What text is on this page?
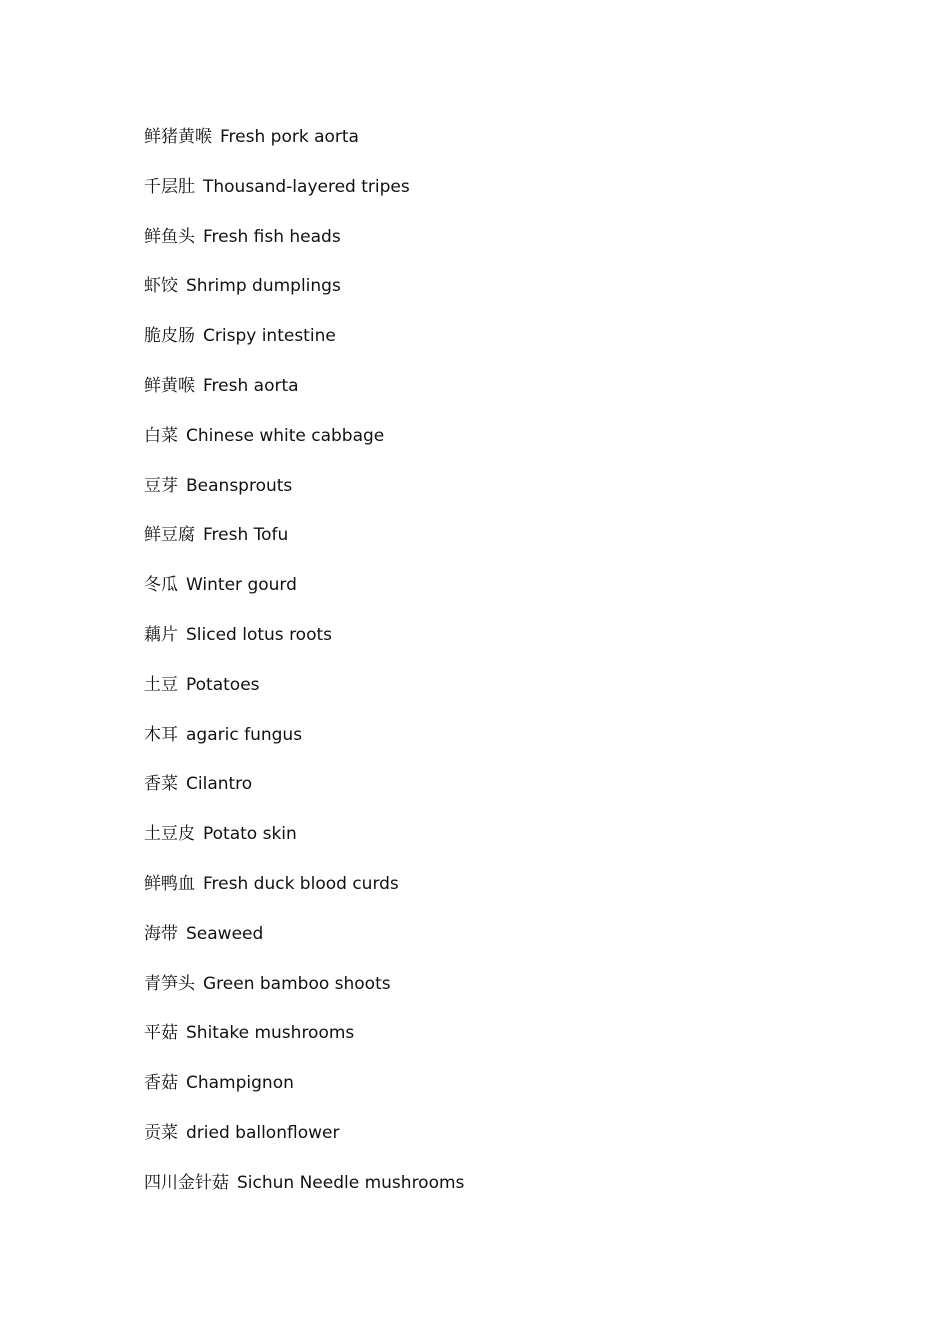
鲜猪黄喉 Fresh pork aorta
千层肚 Thousand-layered tripes
鲜鱼头 Fresh fish heads
虾饺 Shrimp dumplings
脆皮肠 Crispy intestine
鲜黄喉 Fresh aorta
白菜 Chinese white cabbage
豆芽 Beansprouts
鲜豆腐 Fresh Tofu
冬瓜 Winter gourd
藕片 Sliced lotus roots
土豆 Potatoes
木耳 agaric fungus
香菜 Cilantro
土豆皮 Potato skin
鲜鸭血 Fresh duck blood curds
海带 Seaweed
青笋头 Green bamboo shoots
平菇 Shitake mushrooms
香菇 Champignon
贡菜 dried ballonflower
四川金针菇 Sichun Needle mushrooms
